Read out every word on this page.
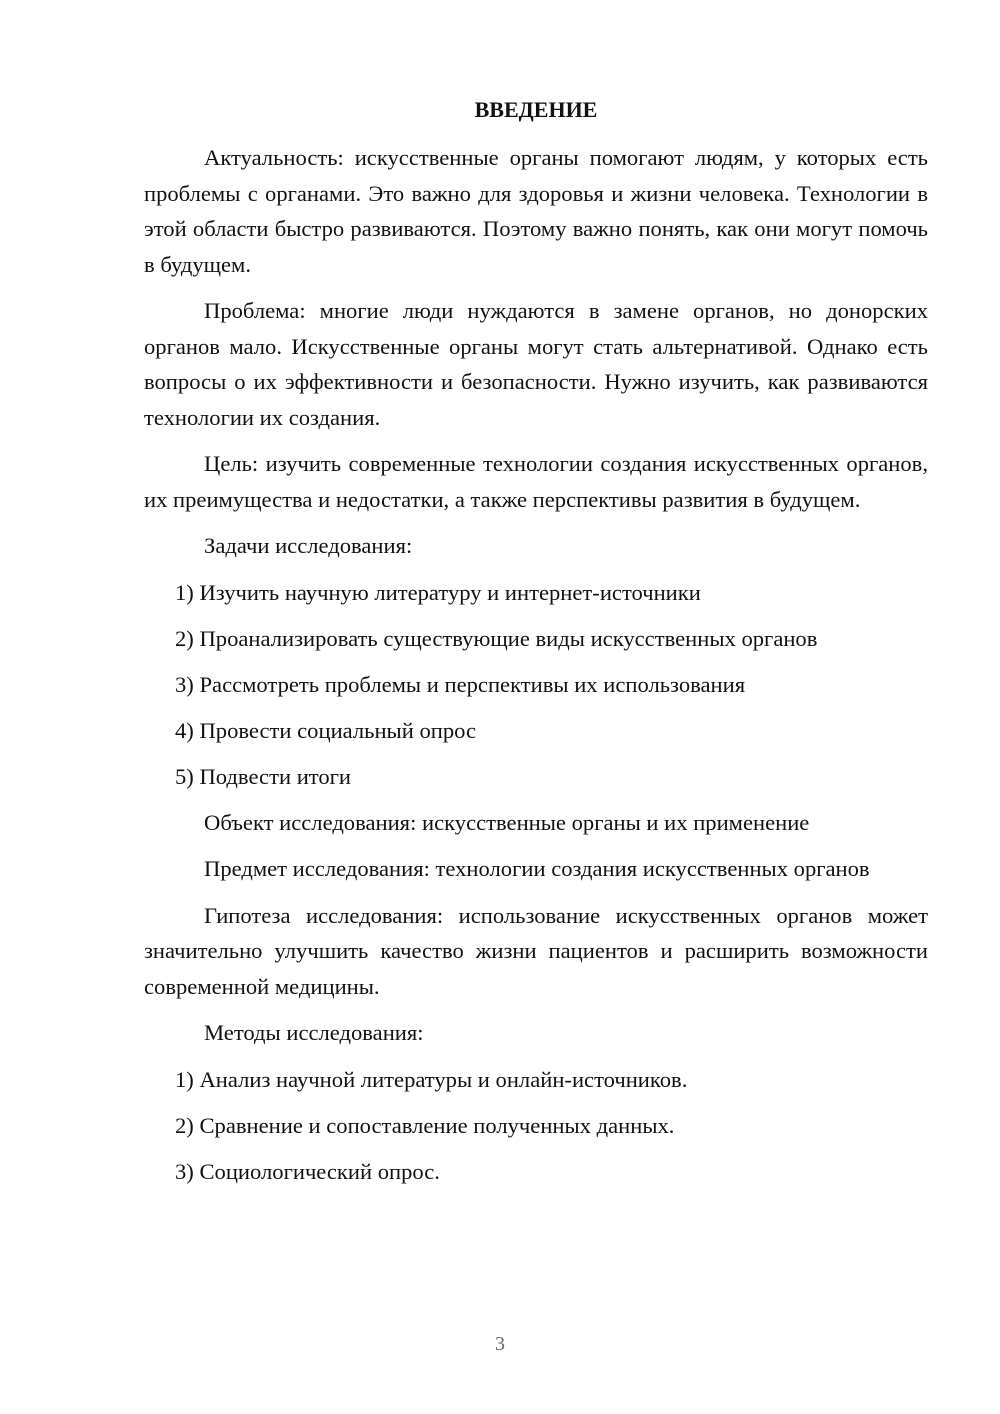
ВВЕДЕНИЕ

Актуальность: искусственные органы помогают людям, у которых есть проблемы с органами. Это важно для здоровья и жизни человека. Технологии в этой области быстро развиваются. Поэтому важно понять, как они могут помочь в будущем.

Проблема: многие люди нуждаются в замене органов, но донорских органов мало. Искусственные органы могут стать альтернативой. Однако есть вопросы о их эффективности и безопасности. Нужно изучить, как развиваются технологии их создания.

Цель: изучить современные технологии создания искусственных органов, их преимущества и недостатки, а также перспективы развития в будущем.

Задачи исследования:

1) Изучить научную литературу и интернет-источники
2) Проанализировать существующие виды искусственных органов
3) Рассмотреть проблемы и перспективы их использования
4) Провести социальный опрос
5) Подвести итоги

Объект исследования: искусственные органы и их применение

Предмет исследования: технологии создания искусственных органов

Гипотеза исследования: использование искусственных органов может значительно улучшить качество жизни пациентов и расширить возможности современной медицины.

Методы исследования:

1) Анализ научной литературы и онлайн-источников.
2) Сравнение и сопоставление полученных данных.
3) Социологический опрос.
3
